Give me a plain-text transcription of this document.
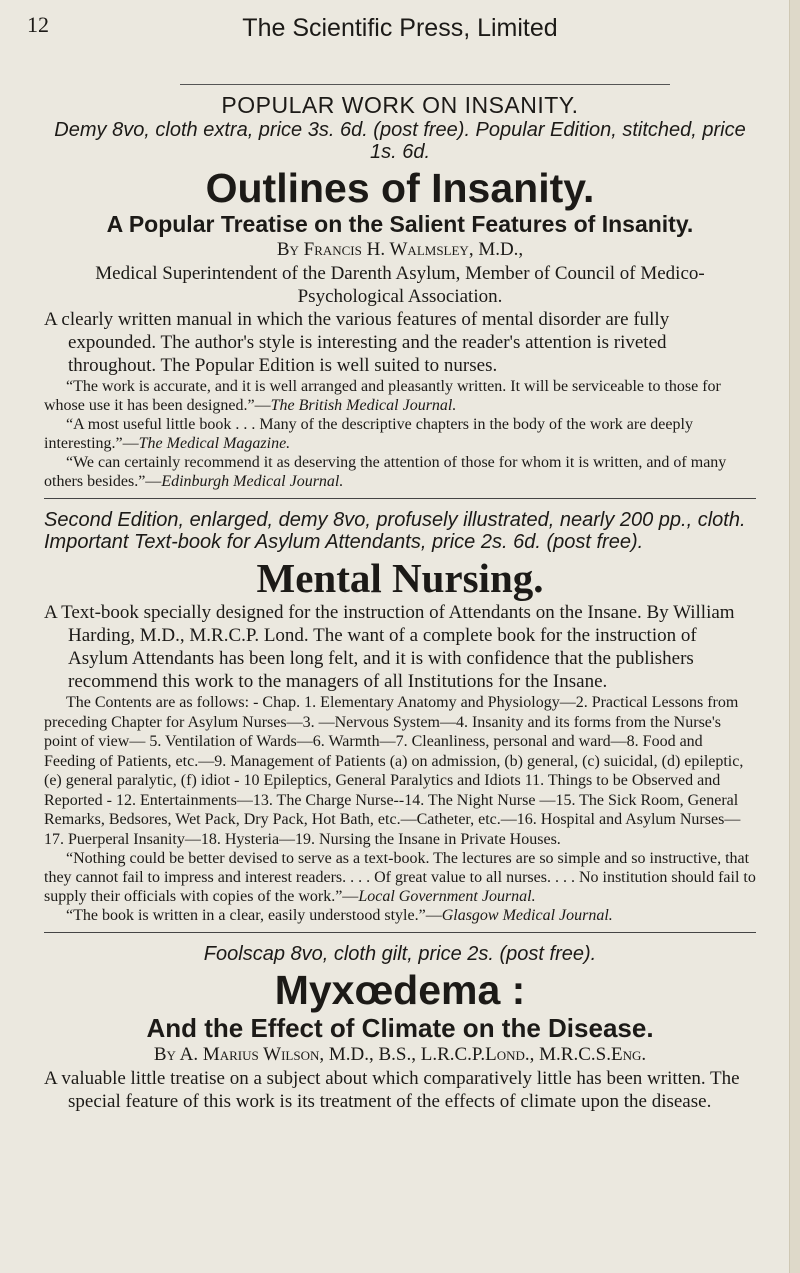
12	The Scientific Press, Limited
POPULAR WORK ON INSANITY.
Demy 8vo, cloth extra, price 3s. 6d. (post free). Popular Edition, stitched, price 1s. 6d.
Outlines of Insanity.
A Popular Treatise on the Salient Features of Insanity.
By Francis H. Walmsley, M.D.,
Medical Superintendent of the Darenth Asylum, Member of Council of Medico-Psychological Association.
A clearly written manual in which the various features of mental disorder are fully expounded. The author's style is interesting and the reader's attention is riveted throughout. The Popular Edition is well suited to nurses.
“The work is accurate, and it is well arranged and pleasantly written. It will be serviceable to those for whose use it has been designed.”—The British Medical Journal.
“A most useful little book . . . Many of the descriptive chapters in the body of the work are deeply interesting.”—The Medical Magazine.
“We can certainly recommend it as deserving the attention of those for whom it is written, and of many others besides.”—Edinburgh Medical Journal.
Second Edition, enlarged, demy 8vo, profusely illustrated, nearly 200 pp., cloth. Important Text-book for Asylum Attendants, price 2s. 6d. (post free).
Mental Nursing.
A Text-book specially designed for the instruction of Attendants on the Insane. By William Harding, M.D., M.R.C.P. Lond. The want of a complete book for the instruction of Asylum Attendants has been long felt, and it is with confidence that the publishers recommend this work to the managers of all Institutions for the Insane.
The Contents are as follows: - Chap. 1. Elementary Anatomy and Physiology—2. Practical Lessons from preceding Chapter for Asylum Nurses—3. —Nervous System—4. Insanity and its forms from the Nurse's point of view— 5. Ventilation of Wards—6. Warmth—7. Cleanliness, personal and ward—8. Food and Feeding of Patients, etc.—9. Management of Patients (a) on admission, (b) general, (c) suicidal, (d) epileptic, (e) general paralytic, (f) idiot - 10 Epileptics, General Paralytics and Idiots 11. Things to be Observed and Reported - 12. Entertainments—13. The Charge Nurse--14. The Night Nurse —15. The Sick Room, General Remarks, Bedsores, Wet Pack, Dry Pack, Hot Bath, etc.—Catheter, etc.—16. Hospital and Asylum Nurses—17. Puerperal Insanity—18. Hysteria—19. Nursing the Insane in Private Houses.
“Nothing could be better devised to serve as a text-book. The lectures are so simple and so instructive, that they cannot fail to impress and interest readers. . . . Of great value to all nurses. . . . No institution should fail to supply their officials with copies of the work.”—Local Government Journal.
“The book is written in a clear, easily understood style.”—Glasgow Medical Journal.
Foolscap 8vo, cloth gilt, price 2s. (post free).
Myxœdema :
And the Effect of Climate on the Disease.
By A. Marius Wilson, M.D., B.S., L.R.C.P.Lond., M.R.C.S.Eng.
A valuable little treatise on a subject about which comparatively little has been written. The special feature of this work is its treatment of the effects of climate upon the disease.
